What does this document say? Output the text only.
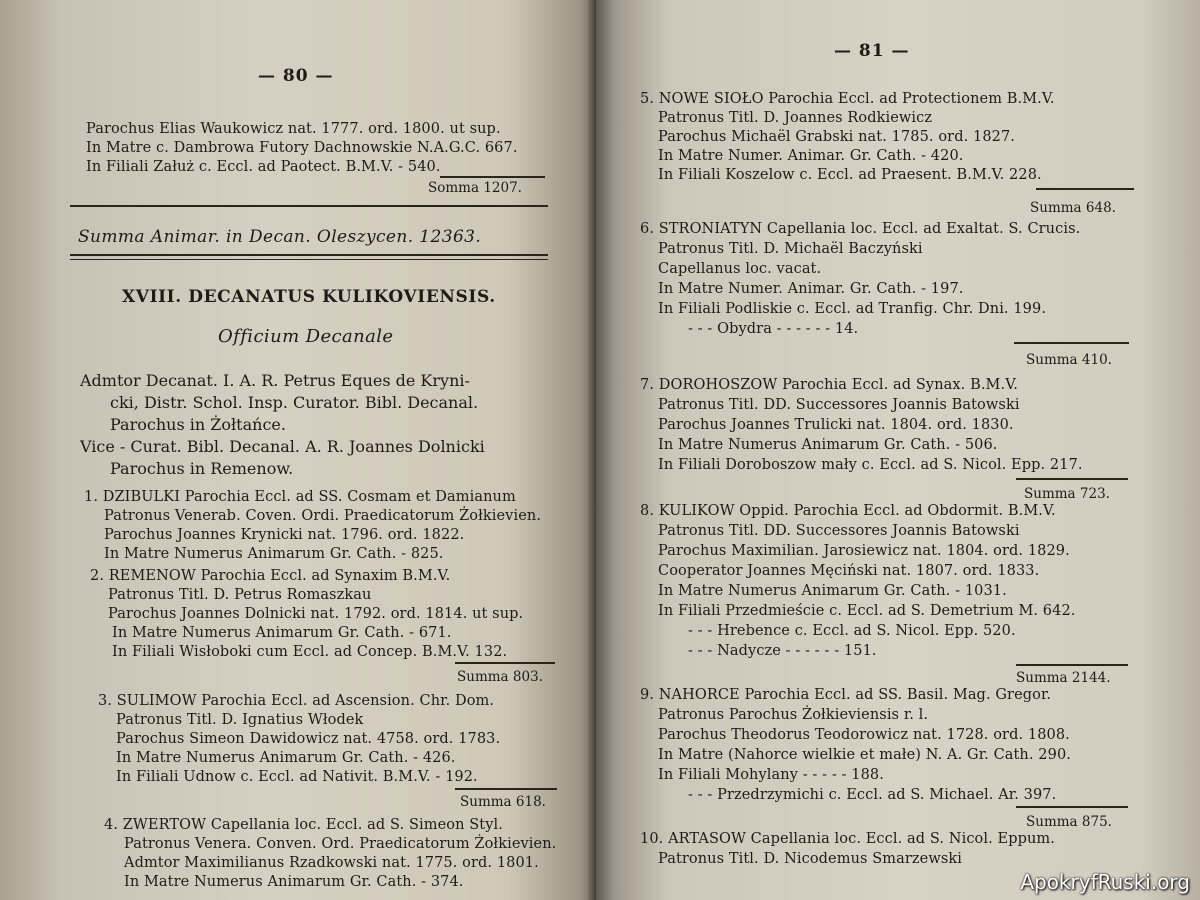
— 80 —
Parochus Elias Waukowicz nat. 1777. ord. 1800. ut sup.
In Matre c. Dambrowa Futory Dachnowskie N.A.G.C. 667.
In Filiali Załuż c. Eccl. ad Paotect. B.M.V. - 540.
Somma 1207.
Summa Animar. in Decan. Oleszycen. 12363.
XVIII. DECANATUS KULIKOVIENSIS.
Officium Decanale
Admtor Decanat. I. A. R. Petrus Eques de Kryni-
cki, Distr. Schol. Insp. Curator. Bibl. Decanal.
Parochus in Żołtańce.
Vice - Curat. Bibl. Decanal. A. R. Joannes Dolnicki
Parochus in Remenow.
1. DZIBULKI Parochia Eccl. ad SS. Cosmam et Damianum
Patronus Venerab. Coven. Ordi. Praedicatorum Żołkievien.
Parochus Joannes Krynicki nat. 1796. ord. 1822.
In Matre Numerus Animarum Gr. Cath. - 825.
2. REMENOW Parochia Eccl. ad Synaxim B.M.V.
Patronus Titl. D. Petrus Romaszkau
Parochus Joannes Dolnicki nat. 1792. ord. 1814. ut sup.
In Matre Numerus Animarum Gr. Cath. - 671.
In Filiali Wisłoboki cum Eccl. ad Concep. B.M.V. 132.
Summa 803.
3. SULIMOW Parochia Eccl. ad Ascension. Chr. Dom.
Patronus Titl. D. Ignatius Włodek
Parochus Simeon Dawidowicz nat. 4758. ord. 1783.
In Matre Numerus Animarum Gr. Cath. - 426.
In Filiali Udnow c. Eccl. ad Nativit. B.M.V. - 192.
Summa 618.
4. ZWERTOW Capellania loc. Eccl. ad S. Simeon Styl.
Patronus Venera. Conven. Ord. Praedicatorum Żołkievien.
Admtor Maximilianus Rzadkowski nat. 1775. ord. 1801.
In Matre Numerus Animarum Gr. Cath. - 374.
— 81 —
5. NOWE SIOŁO Parochia Eccl. ad Protectionem B.M.V.
Patronus Titl. D. Joannes Rodkiewicz
Parochus Michaël Grabski nat. 1785. ord. 1827.
In Matre Numer. Animar. Gr. Cath. - 420.
In Filiali Koszelow c. Eccl. ad Praesent. B.M.V. 228.
Summa 648.
6. STRONIATYN Capellania loc. Eccl. ad Exaltat. S. Crucis.
Patronus Titl. D. Michaël Baczyński
Capellanus loc. vacat.
In Matre Numer. Animar. Gr. Cath. - 197.
In Filiali Podliskie c. Eccl. ad Tranfig. Chr. Dni. 199.
- - - Obydra - - - - - - 14.
Summa 410.
7. DOROHOSZOW Parochia Eccl. ad Synax. B.M.V.
Patronus Titl. DD. Successores Joannis Batowski
Parochus Joannes Trulicki nat. 1804. ord. 1830.
In Matre Numerus Animarum Gr. Cath. - 506.
In Filiali Doroboszow mały c. Eccl. ad S. Nicol. Epp. 217.
Summa 723.
8. KULIKOW Oppid. Parochia Eccl. ad Obdormit. B.M.V.
Patronus Titl. DD. Successores Joannis Batowski
Parochus Maximilian. Jarosiewicz nat. 1804. ord. 1829.
Cooperator Joannes Męciński nat. 1807. ord. 1833.
In Matre Numerus Animarum Gr. Cath. - 1031.
In Filiali Przedmieście c. Eccl. ad S. Demetrium M. 642.
- - - Hrebence c. Eccl. ad S. Nicol. Epp. 520.
- - - Nadycze - - - - - - 151.
Summa 2144.
9. NAHORCE Parochia Eccl. ad SS. Basil. Mag. Gregor.
Patronus Parochus Żołkieviensis r. l.
Parochus Theodorus Teodorowicz nat. 1728. ord. 1808.
In Matre (Nahorce wielkie et małe) N. A. Gr. Cath. 290.
In Filiali Mohylany - - - - - 188.
- - - Przedrzymichi c. Eccl. ad S. Michael. Ar. 397.
Summa 875.
10. ARTASOW Capellania loc. Eccl. ad S. Nicol. Eppum.
Patronus Titl. D. Nicodemus Smarzewski
ApokryfRuski.org
